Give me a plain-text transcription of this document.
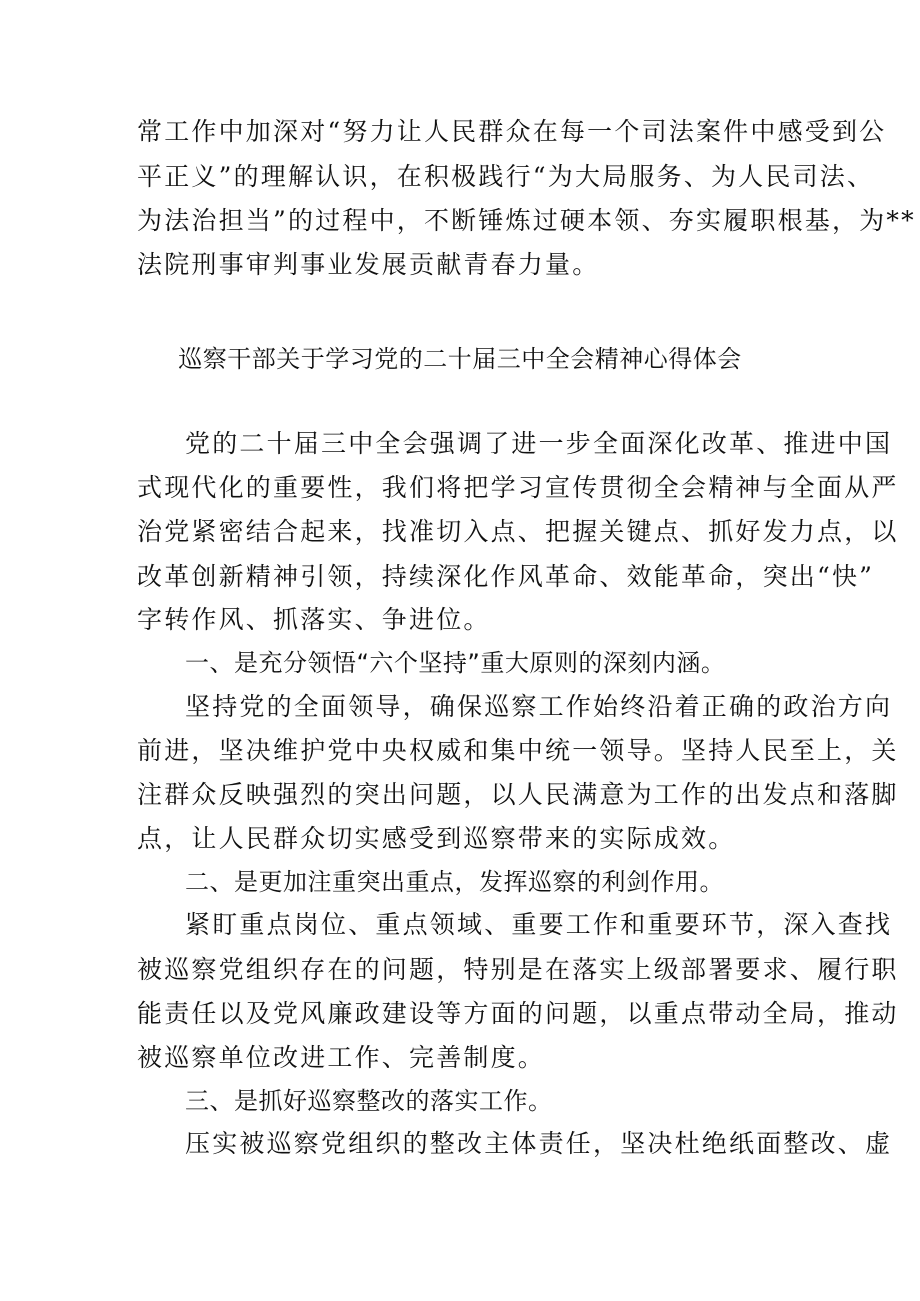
常工作中加深对“努力让人民群众在每一个司法案件中感受到公
平正义”的理解认识，在积极践行“为大局服务、为人民司法、
为法治担当”的过程中，不断锤炼过硬本领、夯实履职根基，为**
法院刑事审判事业发展贡献青春力量。
巡察干部关于学习党的二十届三中全会精神心得体会
党的二十届三中全会强调了进一步全面深化改革、推进中国
式现代化的重要性，我们将把学习宣传贯彻全会精神与全面从严
治党紧密结合起来，找准切入点、把握关键点、抓好发力点，以
改革创新精神引领，持续深化作风革命、效能革命，突出“快”
字转作风、抓落实、争进位。
一、是充分领悟“六个坚持”重大原则的深刻内涵。
坚持党的全面领导，确保巡察工作始终沿着正确的政治方向
前进，坚决维护党中央权威和集中统一领导。坚持人民至上，关
注群众反映强烈的突出问题，以人民满意为工作的出发点和落脚
点，让人民群众切实感受到巡察带来的实际成效。
二、是更加注重突出重点，发挥巡察的利剑作用。
紧盯重点岗位、重点领域、重要工作和重要环节，深入查找
被巡察党组织存在的问题，特别是在落实上级部署要求、履行职
能责任以及党风廉政建设等方面的问题，以重点带动全局，推动
被巡察单位改进工作、完善制度。
三、是抓好巡察整改的落实工作。
压实被巡察党组织的整改主体责任，坚决杜绝纸面整改、虚
